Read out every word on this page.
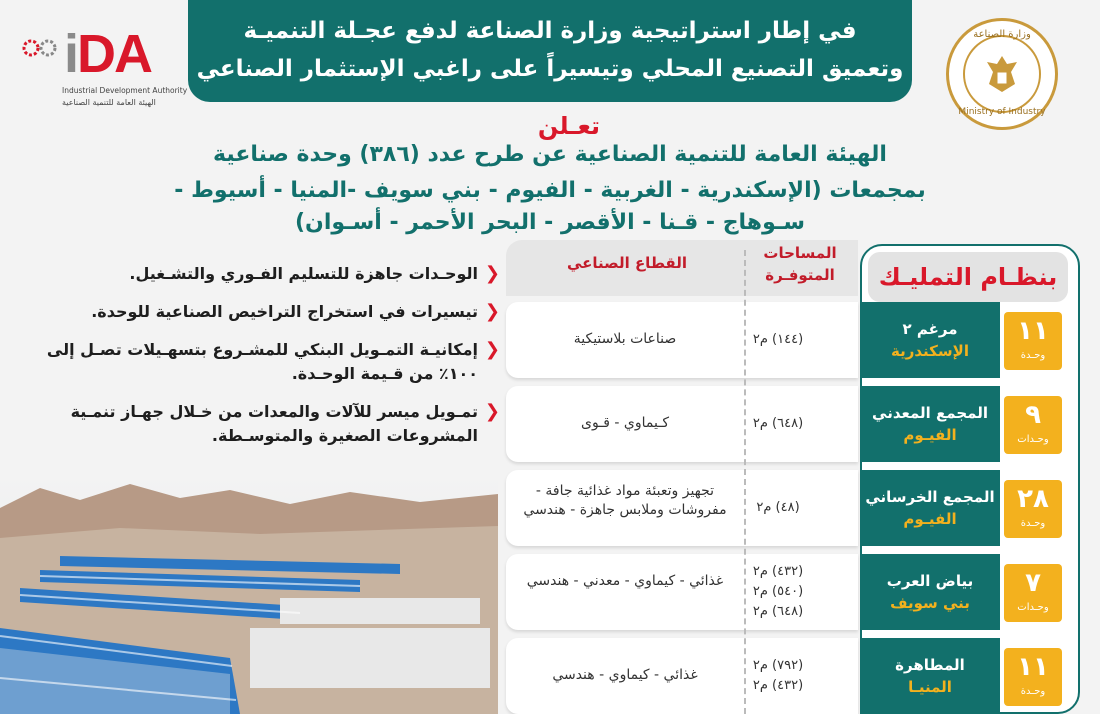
في إطار استراتيجية وزارة الصناعة لدفع عجـلة التنميـة
وتعميق التصنيع المحلي وتيسيراً على راغبي الإستثمار الصناعي
وزارة الصناعة
Ministry of Industry
iDA
Industrial Development Authority
الهيئة العامة للتنمية الصناعية
تعـلن
الهيئة العامة للتنمية الصناعية عن طرح عدد (٣٨٦) وحدة صناعية
بمجمعات (الإسكندرية - الغربية - الفيوم - بني سويف -المنيا - أسيوط -
سـوهاج - قـنا - الأقصر - البحر الأحمر - أسـوان)
المساحات المتوفـرة
القطاع الصناعي	بنظـام التمليـك
مرغم ٢
الإسكندرية
١١
وحـدة
(١٤٤) م٢
صناعات بلاستيكية
المجمع المعدني
الفيـوم
٩
وحـدات
(٦٤٨) م٢
كـيماوي - قـوى
المجمع الخرساني
الفيـوم
٢٨
وحـدة
(٤٨) م٢
تجهيز وتعبئة مواد غذائية جافة - مفروشات وملابس جاهزة - هندسي
بياض العرب
بني سويف
٧
وحـدات
(٤٣٢) م٢
(٥٤٠) م٢
(٦٤٨) م٢
غذائي - كيماوي - معدني - هندسي
المطاهرة
المنيـا
١١
وحـدة
(٧٩٢) م٢
(٤٣٢) م٢
غذائي - كيماوي - هندسي
❮
الوحـدات جاهزة للتسليم الفـوري والتشـغيل.
❮
تيسيرات في استخراج التراخيص الصناعية للوحدة.
❮
إمكانيـة التمـويل البنكي للمشـروع بتسهـيلات تصـل إلى ١٠٠٪ من قـيمة الوحـدة.
❮
تمـويل ميسر للآلات والمعدات من خـلال جهـاز تنمـية المشروعات الصغيرة والمتوسـطة.
